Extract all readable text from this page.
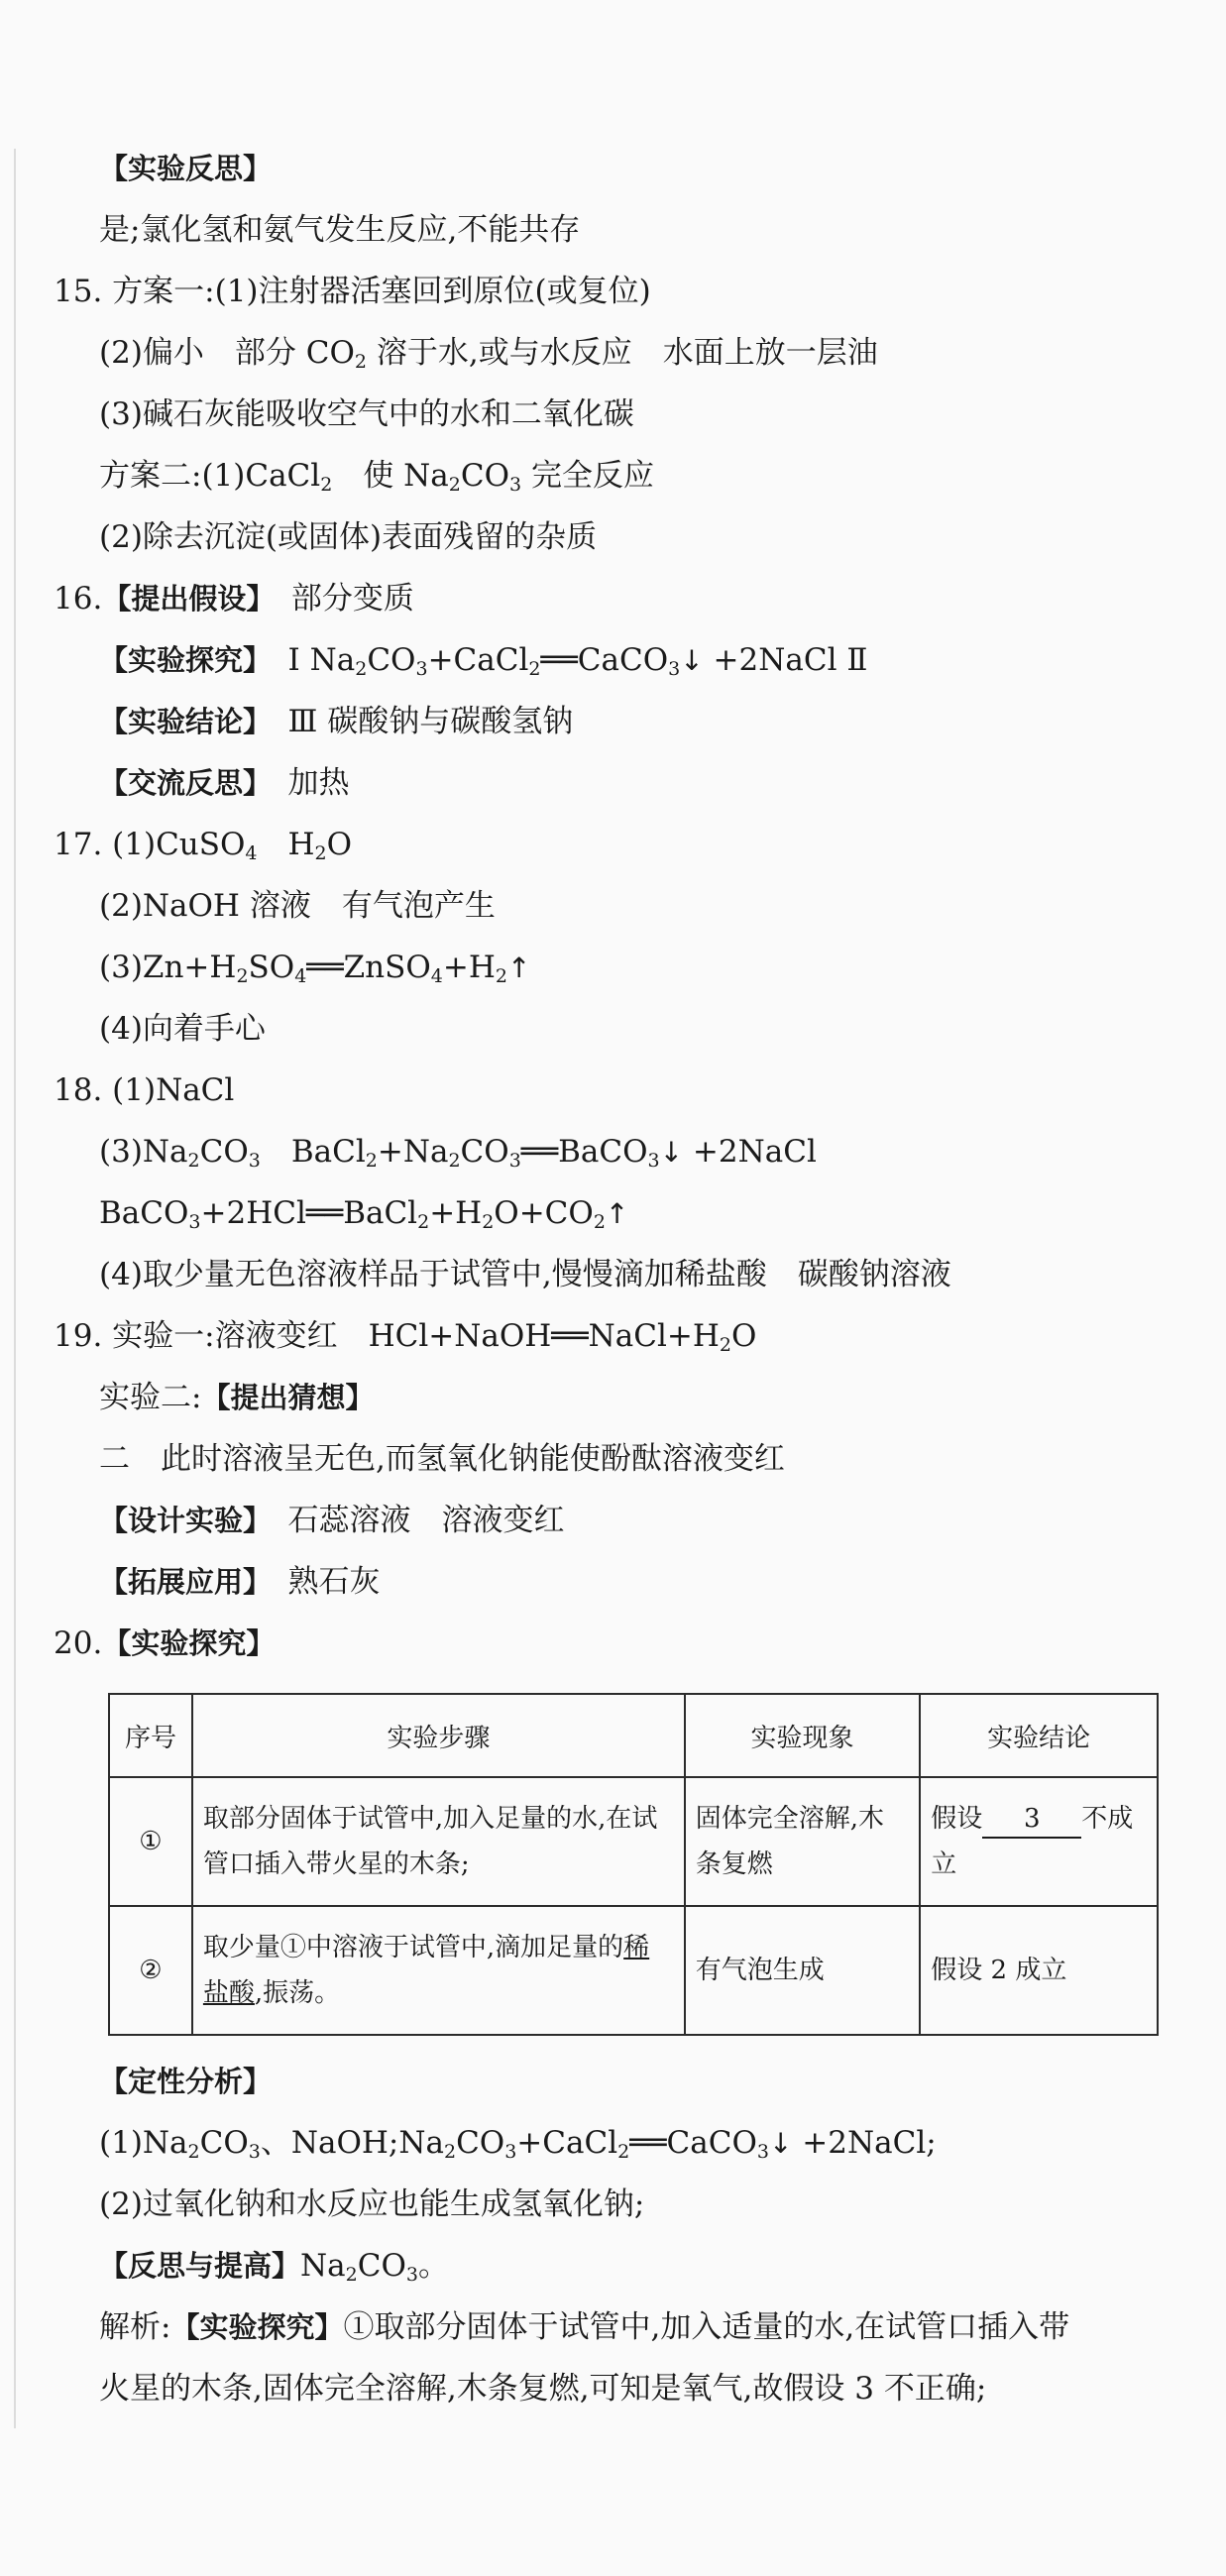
【实验反思】
是;氯化氢和氨气发生反应,不能共存
15. 方案一:(1)注射器活塞回到原位(或复位)
(2)偏小　部分 $CO_2$ 溶于水,或与水反应　水面上放一层油
(3)碱石灰能吸收空气中的水和二氧化碳
方案二:(1)CaCl$_2$　使 $Na_2CO_3$ 完全反应
(2)除去沉淀(或固体)表面残留的杂质
16.【提出假设】　部分变质
【实验探究】　Ⅰ $Na_2CO_3+CaCl_2══CaCO_3↓$ +2NaCl Ⅱ
【实验结论】　Ⅲ 碳酸钠与碳酸氢钠
【交流反思】　加热
17. (1)CuSO$_4$　$H_2O$
(2)NaOH 溶液　有气泡产生
$(3)Zn+H_2SO_4══ZnSO_4+H_2↑$
(4)向着手心
18. (1)NaCl
$(3)Na_2CO_3$　$BaCl_2+Na_2CO_3══BaCO_3↓$ +2NaCl
$BaCO_3+2HCl══BaCl_2+H_2O+CO_2↑$
(4)取少量无色溶液样品于试管中,慢慢滴加稀盐酸　碳酸钠溶液
19. 实验一:溶液变红　$HCl+NaOH══NaCl+H_2O$
实验二:【提出猜想】
二　此时溶液呈无色,而氢氧化钠能使酚酞溶液变红
【设计实验】　石蕊溶液　溶液变红
【拓展应用】　熟石灰
20.【实验探究】
序号	实验步骤	实验现象	实验结论
①	取部分固体于试管中,加入足量的水,在试管口插入带火星的木条;	固体完全溶解,木条复燃	假设 3 不成立
②	取少量①中溶液于试管中,滴加足量的稀盐酸,振荡。	有气泡生成	假设 2 成立
【定性分析】
$(1)Na_2CO_3$、$NaOH;Na_2CO_3+CaCl_2══CaCO_3↓$ +2NaCl;
(2)过氧化钠和水反应也能生成氢氧化钠;
【反思与提高】$Na_2CO_3$。
解析:【实验探究】①取部分固体于试管中,加入适量的水,在试管口插入带
火星的木条,固体完全溶解,木条复燃,可知是氧气,故假设 3 不正确;
